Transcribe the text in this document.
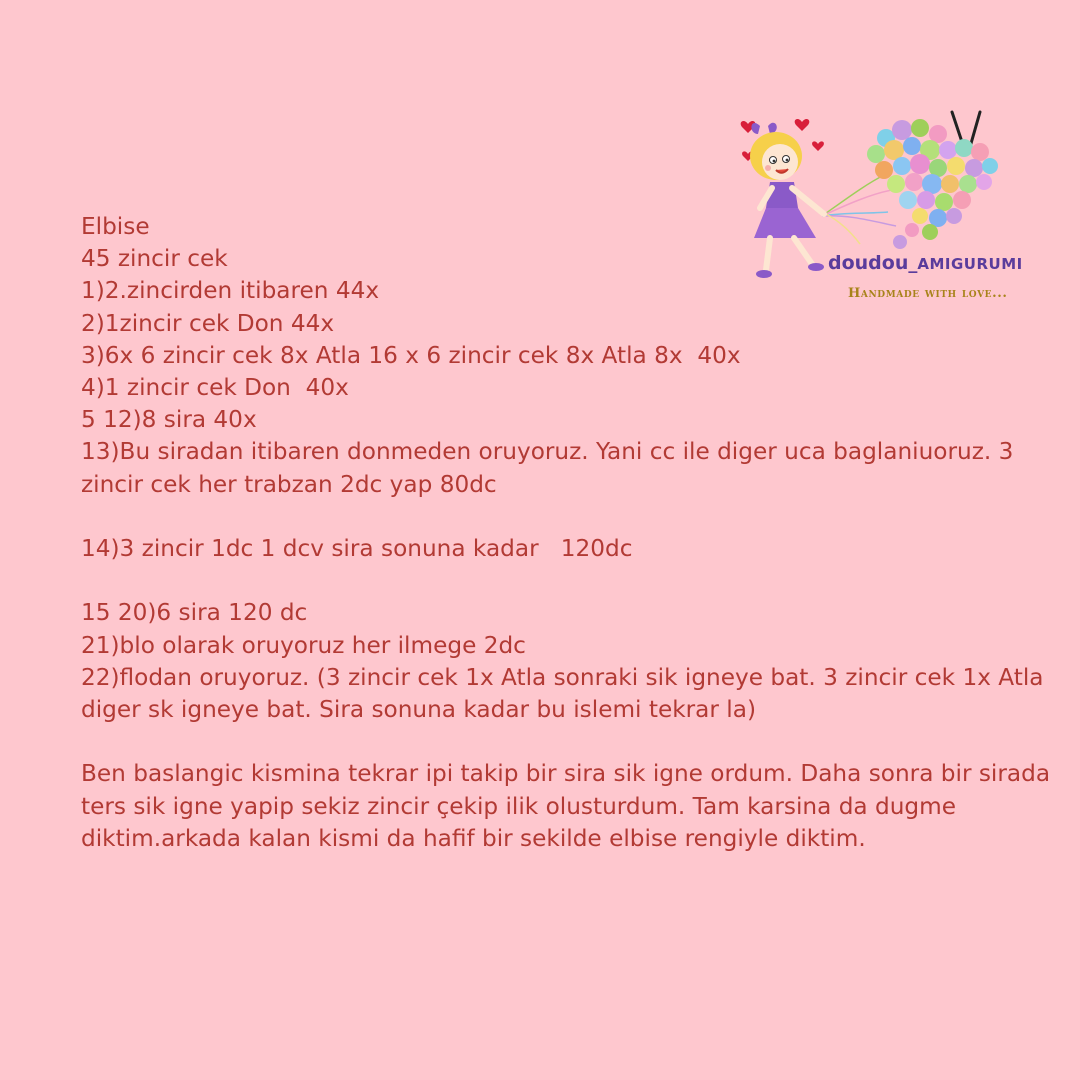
doudou_AMIGURUMI
Handmade with love...
Elbise
45 zincir cek
1)2.zincirden itibaren 44x
2)1zincir cek Don 44x
3)6x 6 zincir cek 8x Atla 16 x 6 zincir cek 8x Atla 8x  40x
4)1 zincir cek Don  40x
5 12)8 sira 40x
13)Bu siradan itibaren donmeden oruyoruz. Yani cc ile diger uca baglaniuoruz. 3 zincir cek her trabzan 2dc yap 80dc
14)3 zincir 1dc 1 dcv sira sonuna kadar   120dc
15 20)6 sira 120 dc
21)blo olarak oruyoruz her ilmege 2dc
22)flodan oruyoruz. (3 zincir cek 1x Atla sonraki sik igneye bat. 3 zincir cek 1x Atla diger sk igneye bat. Sira sonuna kadar bu islemi tekrar la)
Ben baslangic kismina tekrar ipi takip bir sira sik igne ordum. Daha sonra bir sirada ters sik igne yapip sekiz zincir çekip ilik olusturdum. Tam karsina da dugme diktim.arkada kalan kismi da hafif bir sekilde elbise rengiyle diktim.
